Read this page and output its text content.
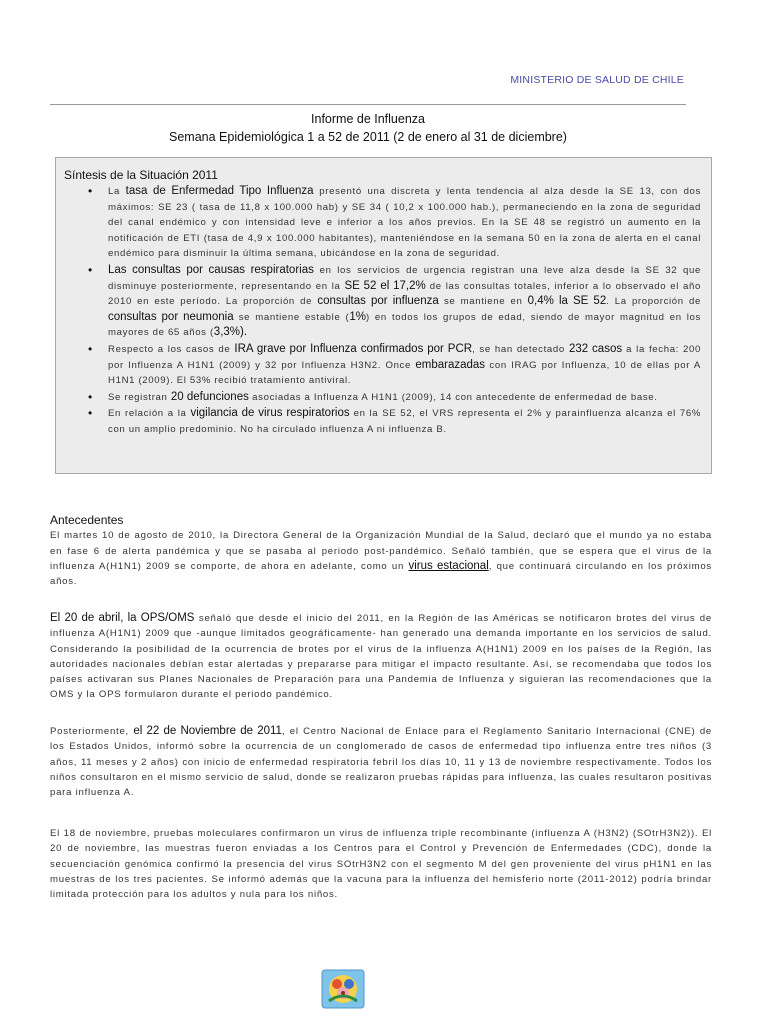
MINISTERIO DE SALUD DE CHILE
Informe de Influenza
Semana Epidemiológica 1 a 52 de 2011 (2 de enero al 31 de diciembre)
Síntesis de la Situación 2011
• La tasa de Enfermedad Tipo Influenza presentó una discreta y lenta tendencia al alza desde la SE 13, con dos máximos: SE 23 ( tasa de 11,8 x 100.000 hab) y SE 34 ( 10,2 x 100.000 hab.), permaneciendo en la zona de seguridad del canal endémico y con intensidad leve e inferior a los años previos. En la SE 48 se registró un aumento en la notificación de ETI (tasa de 4,9 x 100.000 habitantes), manteniéndose en la semana 50 en la zona de alerta en el canal endémico para disminuir la última semana, ubicándose en la zona de seguridad.
• Las consultas por causas respiratorias en los servicios de urgencia registran una leve alza desde la SE 32 que disminuye posteriormente, representando en la SE 52 el 17,2% de las consultas totales, inferior a lo observado el año 2010 en este período. La proporción de consultas por influenza se mantiene en 0,4% la SE 52. La proporción de consultas por neumonia se mantiene estable (1%) en todos los grupos de edad, siendo de mayor magnitud en los mayores de 65 años (3,3%).
• Respecto a los casos de IRA grave por Influenza confirmados por PCR, se han detectado 232 casos a la fecha: 200 por Influenza A H1N1 (2009) y 32 por Influenza H3N2. Once embarazadas con IRAG por Influenza, 10 de ellas por A H1N1 (2009). El 53% recibió tratamiento antiviral.
• Se registran 20 defunciones asociadas a Influenza A H1N1 (2009), 14 con antecedente de enfermedad de base.
• En relación a la vigilancia de virus respiratorios en la SE 52, el VRS representa el 2% y parainfluenza alcanza el 76% con un amplio predominio. No ha circulado influenza A ni influenza B.
Antecedentes
El martes 10 de agosto de 2010, la Directora General de la Organización Mundial de la Salud, declaró que el mundo ya no estaba en fase 6 de alerta pandémica y que se pasaba al periodo post-pandémico. Señaló también, que se espera que el virus de la influenza A(H1N1) 2009 se comporte, de ahora en adelante, como un virus estacional, que continuará circulando en los próximos años.
El 20 de abril, la OPS/OMS señaló que desde el inicio del 2011, en la Región de las Américas se notificaron brotes del virus de influenza A(H1N1) 2009 que -aunque limitados geográficamente- han generado una demanda importante en los servicios de salud. Considerando la posibilidad de la ocurrencia de brotes por el virus de la influenza A(H1N1) 2009 en los países de la Región, las autoridades nacionales debían estar alertadas y prepararse para mitigar el impacto resultante. Así, se recomendaba que todos los países activaran sus Planes Nacionales de Preparación para una Pandemia de Influenza y siguieran las recomendaciones que la OMS y la OPS formularon durante el periodo pandémico.
Posteriormente, el 22 de Noviembre de 2011, el Centro Nacional de Enlace para el Reglamento Sanitario Internacional (CNE) de los Estados Unidos, informó sobre la ocurrencia de un conglomerado de casos de enfermedad tipo influenza entre tres niños (3 años, 11 meses y 2 años) con inicio de enfermedad respiratoria febril los días 10, 11 y 13 de noviembre respectivamente. Todos los niños consultaron en el mismo servicio de salud, donde se realizaron pruebas rápidas para influenza, las cuales resultaron positivas para influenza A.
El 18 de noviembre, pruebas moleculares confirmaron un virus de influenza triple recombinante (influenza A (H3N2) (SOtrH3N2)). El 20 de noviembre, las muestras fueron enviadas a los Centros para el Control y Prevención de Enfermedades (CDC), donde la secuenciación genómica confirmó la presencia del virus SOtrH3N2 con el segmento M del gen proveniente del virus pH1N1 en las muestras de los tres pacientes. Se informó además que la vacuna para la influenza del hemisferio norte (2011-2012) podría brindar limitada protección para los adultos y nula para los niños.
